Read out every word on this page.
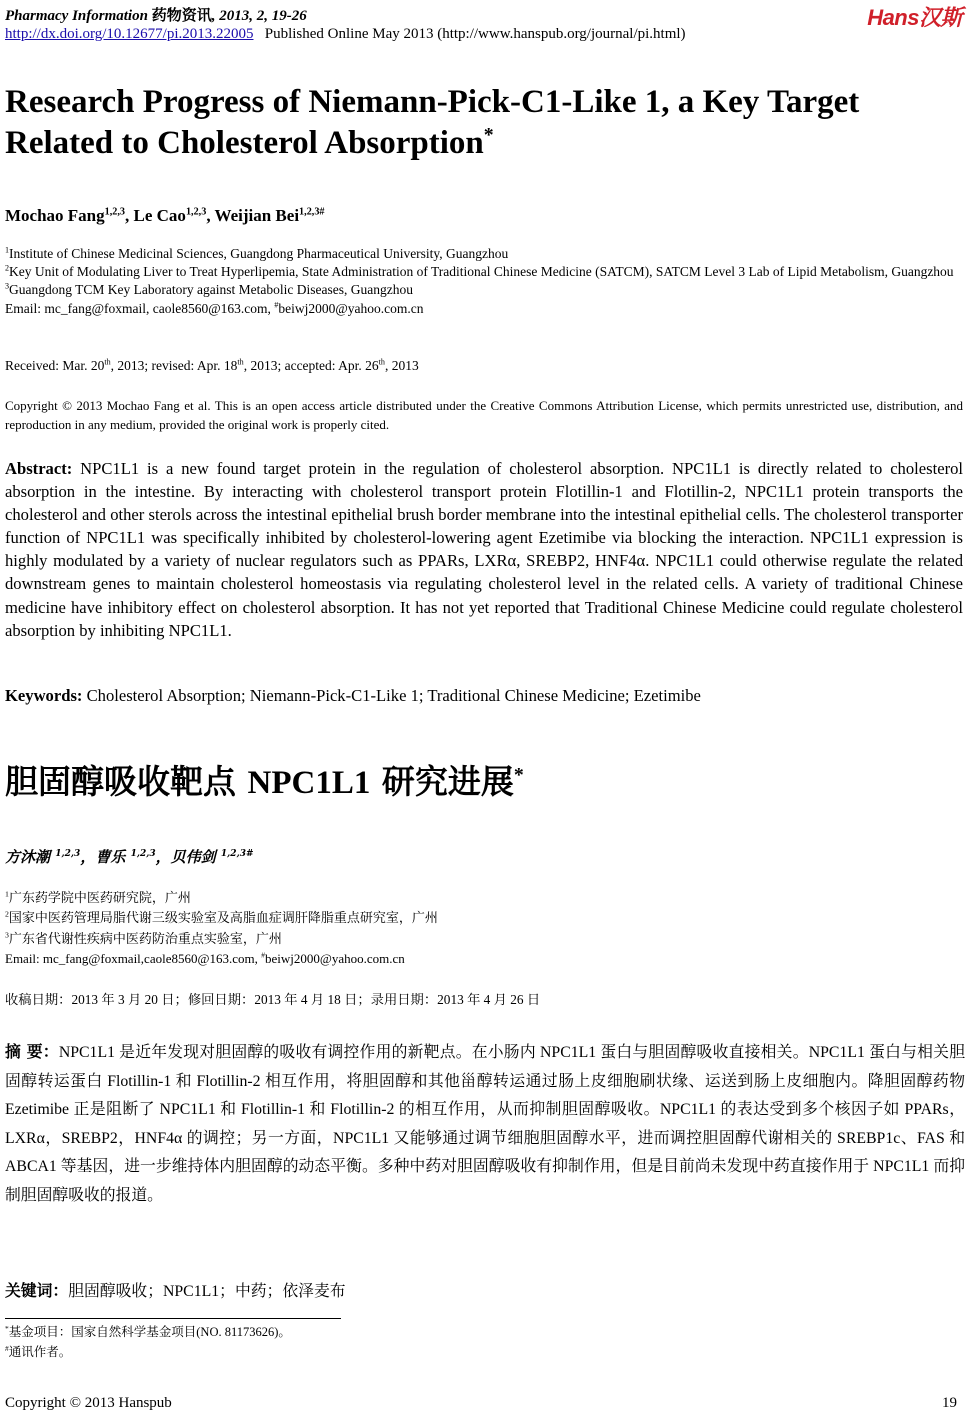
Pharmacy Information 药物资讯, 2013, 2, 19-26
http://dx.doi.org/10.12677/pi.2013.22005 Published Online May 2013 (http://www.hanspub.org/journal/pi.html)
Hans汉斯
Research Progress of Niemann-Pick-C1-Like 1, a Key Target
Related to Cholesterol Absorption*
Mochao Fang$^{1,2,3}$, Le Cao$^{1,2,3}$, Weijian Bei$^{1,2,3\#}$
$^1$Institute of Chinese Medicinal Sciences, Guangdong Pharmaceutical University, Guangzhou
$^2$Key Unit of Modulating Liver to Treat Hyperlipemia, State Administration of Traditional Chinese Medicine (SATCM), SATCM Level 3 Lab of Lipid Metabolism, Guangzhou
$^3$Guangdong TCM Key Laboratory against Metabolic Diseases, Guangzhou
Email: mc_fang@foxmail, caole8560@163.com, #beiwj2000@yahoo.com.cn
Received: Mar. 20th, 2013; revised: Apr. 18th, 2013; accepted: Apr. 26th, 2013
Copyright © 2013 Mochao Fang et al. This is an open access article distributed under the Creative Commons Attribution License, which permits unrestricted use, distribution, and reproduction in any medium, provided the original work is properly cited.
Abstract: NPC1L1 is a new found target protein in the regulation of cholesterol absorption. NPC1L1 is directly related to cholesterol absorption in the intestine. By interacting with cholesterol transport protein Flotillin-1 and Flotillin-2, NPC1L1 protein transports the cholesterol and other sterols across the intestinal epithelial brush border membrane into the intestinal epithelial cells. The cholesterol transporter function of NPC1L1 was specifically inhibited by cholesterol-lowering agent Ezetimibe via blocking the interaction. NPC1L1 expression is highly modulated by a variety of nuclear regulators such as PPARs, LXRα, SREBP2, HNF4α. NPC1L1 could otherwise regulate the related downstream genes to maintain cholesterol homeostasis via regulating cholesterol level in the related cells. A variety of traditional Chinese medicine have inhibitory effect on cholesterol absorption. It has not yet reported that Traditional Chinese Medicine could regulate cholesterol absorption by inhibiting NPC1L1.
Keywords: Cholesterol Absorption; Niemann-Pick-C1-Like 1; Traditional Chinese Medicine; Ezetimibe
胆固醇吸收靶点 NPC1L1 研究进展*
方沐潮 $^{1,2,3}$，曹乐 $^{1,2,3}$，贝伟剑 $^{1,2,3\#}$
$^1$广东药学院中医药研究院，广州
$^2$国家中医药管理局脂代谢三级实验室及高脂血症调肝降脂重点研究室，广州
$^3$广东省代谢性疾病中医药防治重点实验室，广州
Email: mc_fang@foxmail,caole8560@163.com, #beiwj2000@yahoo.com.cn
收稿日期：2013 年 3 月 20 日；修回日期：2013 年 4 月 18 日；录用日期：2013 年 4 月 26 日
摘 要：NPC1L1 是近年发现对胆固醇的吸收有调控作用的新靶点。在小肠内 NPC1L1 蛋白与胆固醇吸收直接相关。NPC1L1 蛋白与相关胆固醇转运蛋白 Flotillin-1 和 Flotillin-2 相互作用，将胆固醇和其他甾醇转运通过肠上皮细胞刷状缘、运送到肠上皮细胞内。降胆固醇药物 Ezetimibe 正是阻断了 NPC1L1 和 Flotillin-1 和 Flotillin-2 的相互作用，从而抑制胆固醇吸收。NPC1L1 的表达受到多个核因子如 PPARs，LXRα，SREBP2，HNF4α 的调控；另一方面，NPC1L1 又能够通过调节细胞胆固醇水平，进而调控胆固醇代谢相关的 SREBP1c、FAS 和 ABCA1 等基因，进一步维持体内胆固醇的动态平衡。多种中药对胆固醇吸收有抑制作用，但是目前尚未发现中药直接作用于 NPC1L1 而抑制胆固醇吸收的报道。
关键词：胆固醇吸收；NPC1L1；中药；依泽麦布
*基金项目：国家自然科学基金项目(NO. 81173626)。
#通讯作者。
Copyright © 2013 Hanspub	19
